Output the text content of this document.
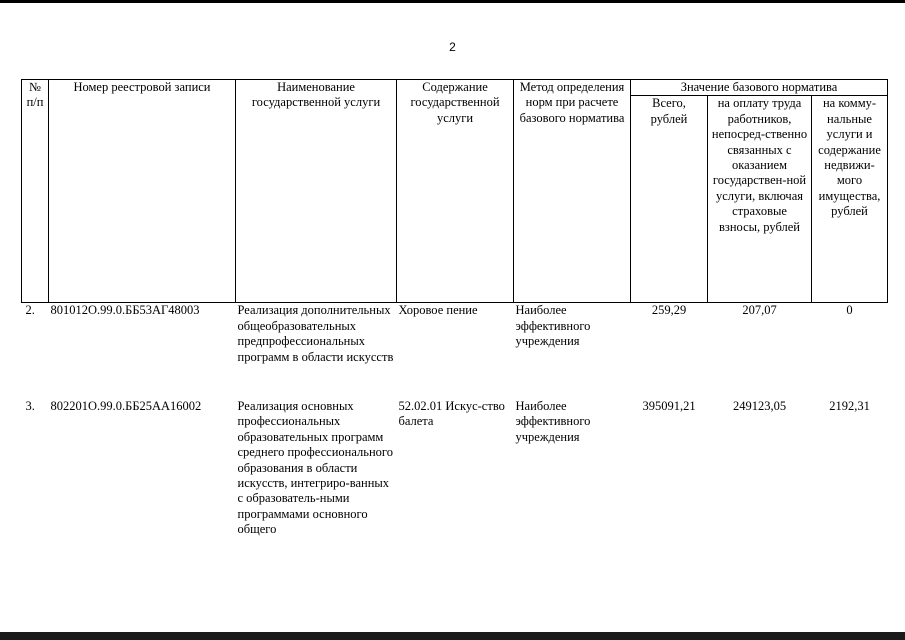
2
№ п/п	Номер реестровой записи	Наименование государственной услуги	Содержание государственной услуги	Метод определения норм при расчете базового норматива	Значение базового норматива		
					Всего, рублей	на оплату труда работников, непосред-ственно связанных с оказанием государствен-ной услуги, включая страховые взносы, рублей	на комму-нальные услуги и содержание недвижи-мого имущества, рублей
2.	801012О.99.0.ББ53АГ48003	Реализация дополнительных общеобразовательных предпрофессиональных программ в области искусств	Хоровое пение	Наиболее эффективного учреждения	259,29	207,07	0
3.	802201О.99.0.ББ25АА16002	Реализация основных профессиональных образовательных программ среднего профессионального образования в области искусств, интегриро-ванных с образователь-ными программами основного общего	52.02.01 Искус-ство балета	Наиболее эффективного учреждения	395091,21	249123,05	2192,31
